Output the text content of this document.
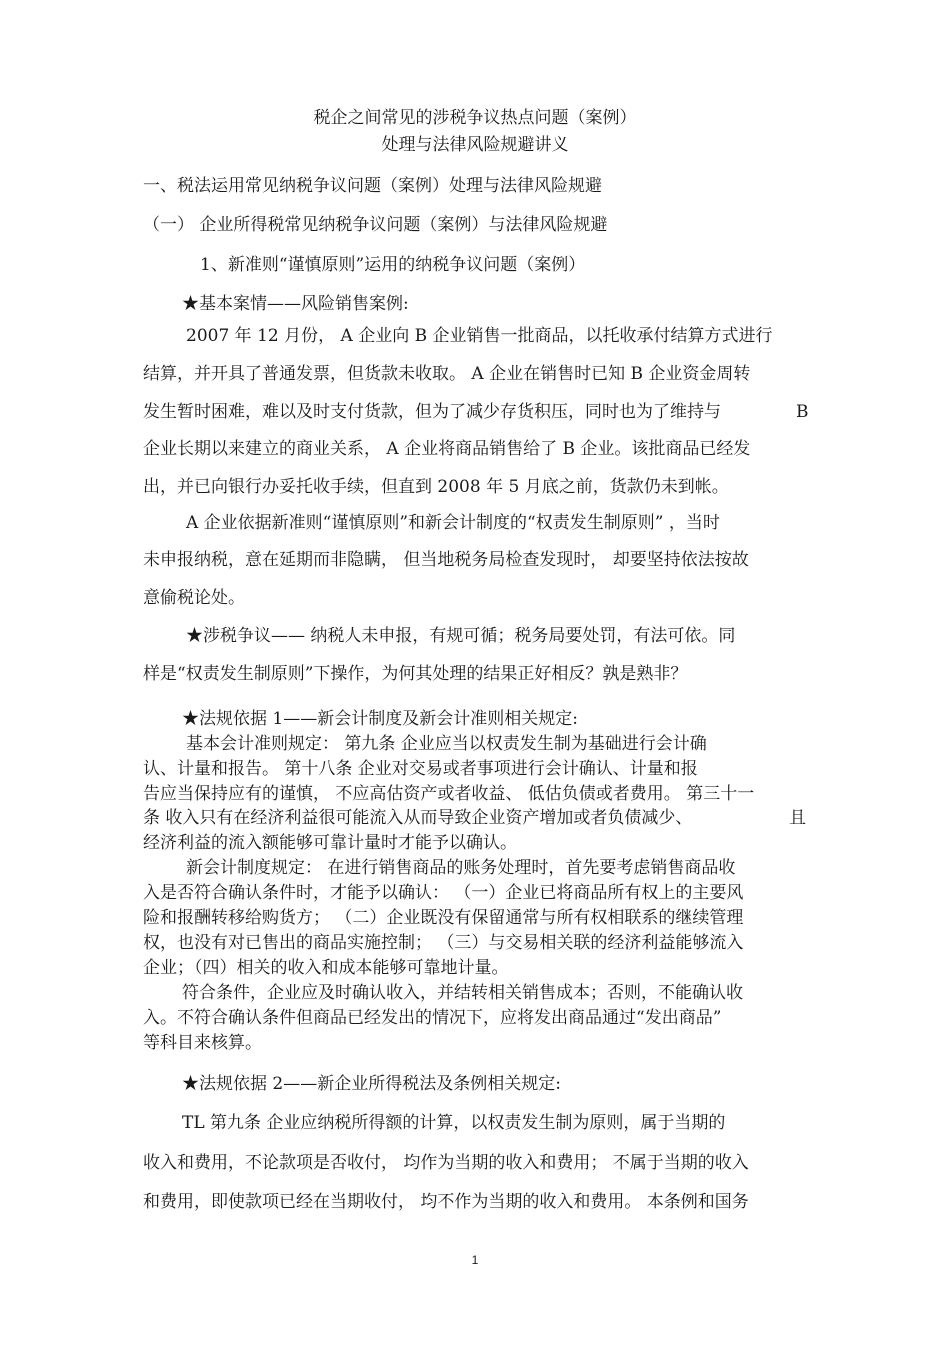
税企之间常见的涉税争议热点问题（案例）
处理与法律风险规避讲义
一、税法运用常见纳税争议问题（案例）处理与法律风险规避
（一） 企业所得税常见纳税争议问题（案例）与法律风险规避
1、新准则“谨慎原则”运用的纳税争议问题（案例）
★基本案情——风险销售案例:
2007 年 12 月份， A 企业向 B 企业销售一批商品，以托收承付结算方式进行
结算，并开具了普通发票，但货款未收取。 A 企业在销售时已知 B 企业资金周转
发生暂时困难，难以及时支付货款，但为了减少存货积压，同时也为了维持与	B
企业长期以来建立的商业关系， A 企业将商品销售给了 B 企业。该批商品已经发
出，并已向银行办妥托收手续，但直到 2008 年 5 月底之前，货款仍未到帐。
A 企业依据新准则“谨慎原则”和新会计制度的“权责发生制原则” ，当时
未申报纳税，意在延期而非隐瞒， 但当地税务局检查发现时， 却要坚持依法按故
意偷税论处。
★涉税争议—— 纳税人未申报，有规可循；税务局要处罚，有法可依。同
样是“权责发生制原则”下操作，为何其处理的结果正好相反？孰是熟非？
★法规依据 1——新会计制度及新会计准则相关规定:
基本会计准则规定： 第九条 企业应当以权责发生制为基础进行会计确
认、计量和报告。 第十八条 企业对交易或者事项进行会计确认、计量和报
告应当保持应有的谨慎， 不应高估资产或者收益、 低估负债或者费用。 第三十一
条 收入只有在经济利益很可能流入从而导致企业资产增加或者负债减少、	且
经济利益的流入额能够可靠计量时才能予以确认。
新会计制度规定： 在进行销售商品的账务处理时，首先要考虑销售商品收
入是否符合确认条件时，才能予以确认： （一）企业已将商品所有权上的主要风
险和报酬转移给购货方； （二）企业既没有保留通常与所有权相联系的继续管理
权，也没有对已售出的商品实施控制； （三）与交易相关联的经济利益能够流入
企业；（四）相关的收入和成本能够可靠地计量。
符合条件，企业应及时确认收入，并结转相关销售成本；否则，不能确认收
入。不符合确认条件但商品已经发出的情况下，应将发出商品通过“发出商品”
等科目来核算。
★法规依据 2——新企业所得税法及条例相关规定:
TL 第九条 企业应纳税所得额的计算，以权责发生制为原则，属于当期的
收入和费用，不论款项是否收付， 均作为当期的收入和费用； 不属于当期的收入
和费用，即使款项已经在当期收付， 均不作为当期的收入和费用。 本条例和国务
1
